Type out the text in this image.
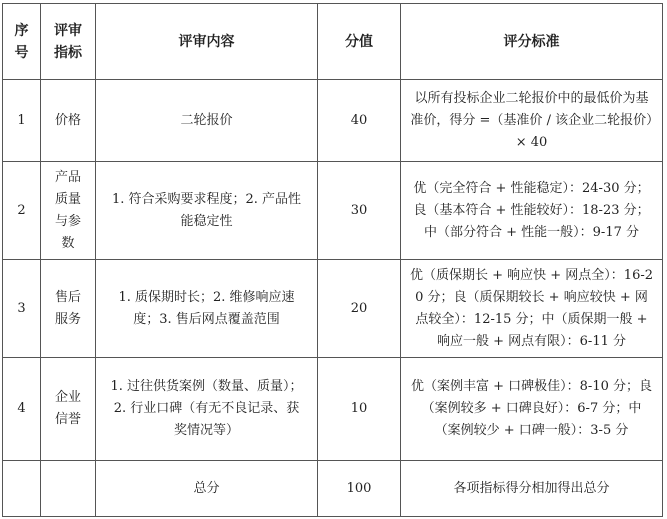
序号	评审指标	评审内容	分值	评分标准
1	价格	二轮报价	40	以所有投标企业二轮报价中的最低价为基准价，得分 =（基准价 / 该企业二轮报价）× 40

2	产品质量与参数	1. 符合采购要求程度；2. 产品性能稳定性	30	优（完全符合 + 性能稳定）：24-30 分；良（基本符合 + 性能较好）：18-23 分；中（部分符合 + 性能一般）：9-17 分

3	售后服务	1. 质保期时长；2. 维修响应速度；3. 售后网点覆盖范围	20	优（质保期长 + 响应快 + 网点全）：16-20 分；良（质保期较长 + 响应较快 + 网点较全）：12-15 分；中（质保期一般 + 响应一般 + 网点有限）：6-11 分

4	企业信誉	1. 过往供货案例（数量、质量）；2. 行业口碑（有无不良记录、获奖情况等）	10	优（案例丰富 + 口碑极佳）：8-10 分；良（案例较多 + 口碑良好）：6-7 分；中（案例较少 + 口碑一般）：3-5 分

		总分	100	各项指标得分相加得出总分
